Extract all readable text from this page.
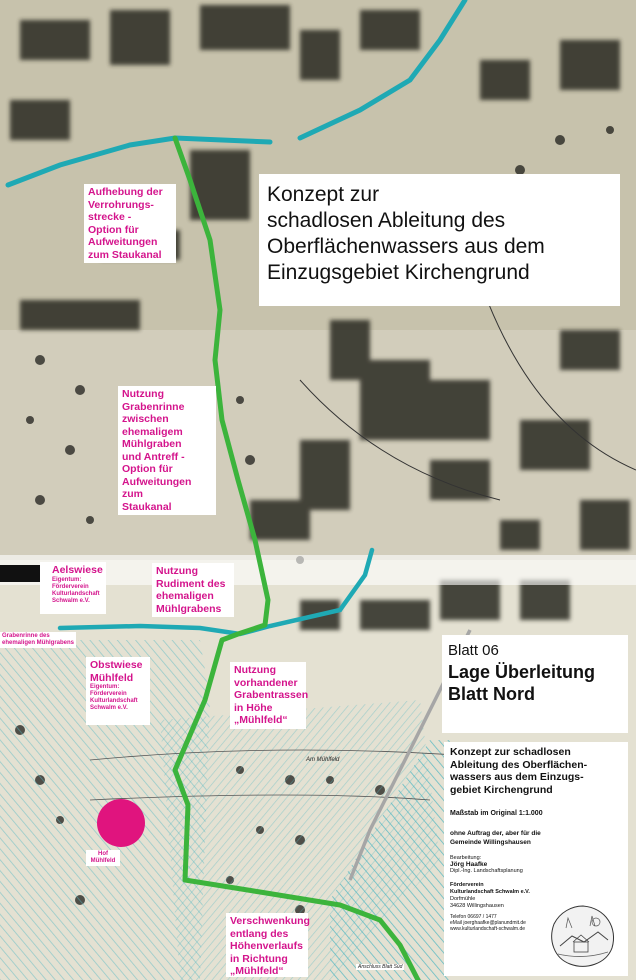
Konzept zur
schadlosen Ableitung des
Oberflächenwassers aus dem
Einzugsgebiet Kirchengrund
Aufhebung der
Verrohrungs-
strecke -
Option für
Aufweitungen
zum Staukanal
Nutzung
Grabenrinne
zwischen
ehemaligem
Mühlgraben
und Antreff -
Option für
Aufweitungen
zum
Staukanal
Aelswiese
Eigentum:
Förderverein
Kulturlandschaft
Schwalm e.V.
Nutzung
Rudiment des
ehemaligen
Mühlgrabens
Grabenrinne des
ehemaligen Mühlgrabens
Obstwiese
Mühlfeld
Eigentum:
Förderverein
Kulturlandschaft
Schwalm e.V.
Nutzung
vorhandener
Grabentrassen
in Höhe
„Mühlfeld“
Hof
Mühlfeld
Verschwenkung
entlang des
Höhenverlaufs
in Richtung
„Mühlfeld“
Am Mühlfeld
Anschluss Blatt Süd
Blatt 06
Lage Überleitung
Blatt Nord
Konzept zur schadlosen
Ableitung des Oberflächen-
wassers aus dem Einzugs-
gebiet Kirchengrund
Maßstab im Original 1:1.000
ohne Auftrag der, aber für die
Gemeinde Willingshausen
Bearbeitung:
Jörg Haafke
Dipl.-Ing. Landschaftsplanung
Förderverein
Kulturlandschaft Schwalm e.V.
Dorfmühle
34628 Willingshausen
Telefon 06697 / 1477
eMail joerghaafke@planundmit.de
www.kulturlandschaft-schwalm.de
